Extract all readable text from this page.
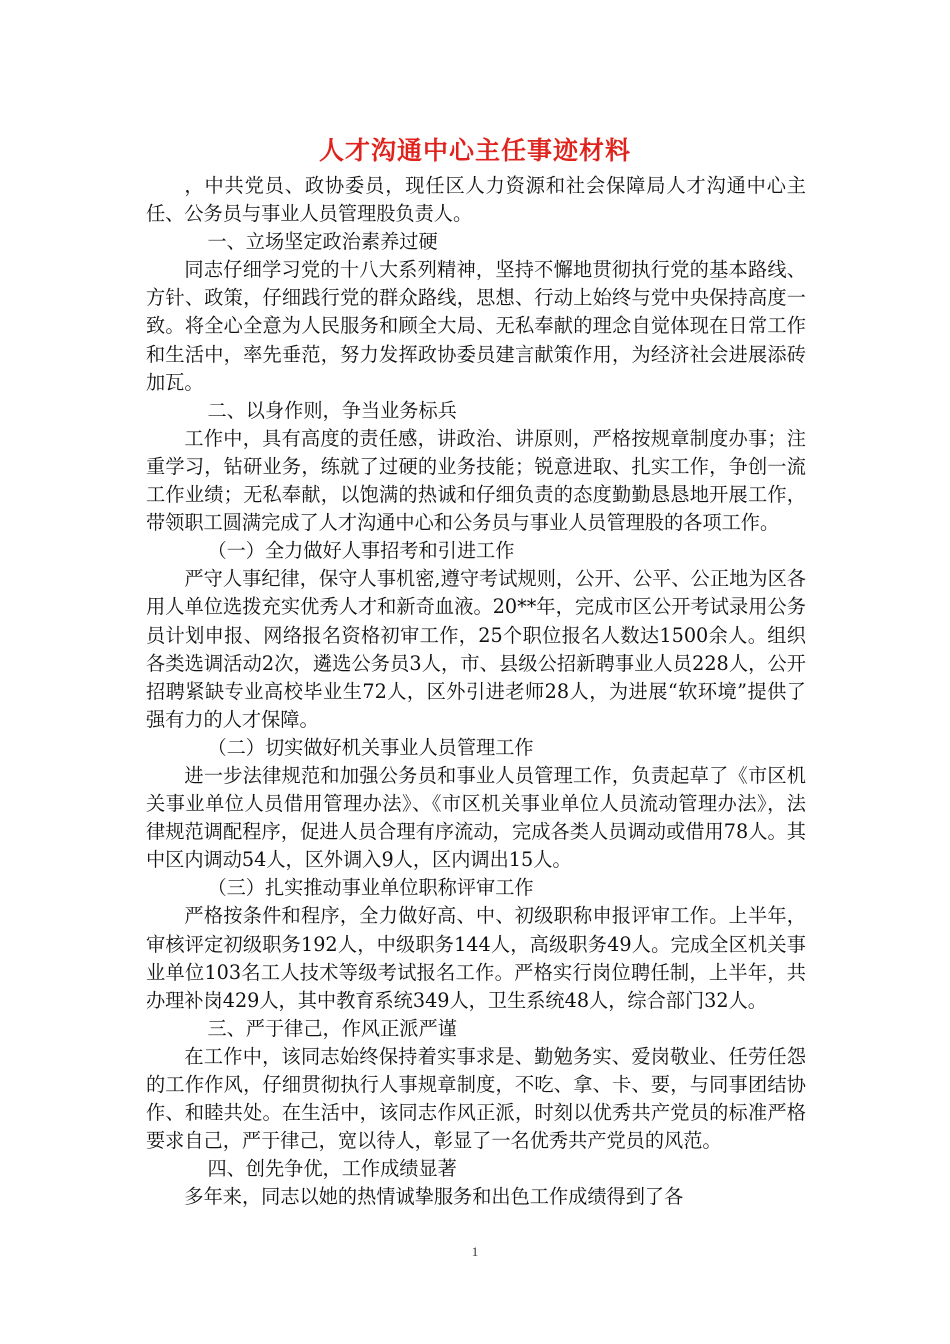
人才沟通中心主任事迹材料

，中共党员、政协委员，现任区人力资源和社会保障局人才沟通中心主任、公务员与事业人员管理股负责人。

一、立场坚定政治素养过硬

同志仔细学习党的十八大系列精神，坚持不懈地贯彻执行党的基本路线、方针、政策，仔细践行党的群众路线，思想、行动上始终与党中央保持高度一致。将全心全意为人民服务和顾全大局、无私奉献的理念自觉体现在日常工作和生活中，率先垂范，努力发挥政协委员建言献策作用，为经济社会进展添砖加瓦。

二、以身作则，争当业务标兵

工作中，具有高度的责任感，讲政治、讲原则，严格按规章制度办事；注重学习，钻研业务，练就了过硬的业务技能；锐意进取、扎实工作，争创一流工作业绩；无私奉献，以饱满的热诚和仔细负责的态度勤勤恳恳地开展工作，带领职工圆满完成了人才沟通中心和公务员与事业人员管理股的各项工作。

（一）全力做好人事招考和引进工作

严守人事纪律，保守人事机密,遵守考试规则，公开、公平、公正地为区各用人单位选拨充实优秀人才和新奇血液。20**年，完成市区公开考试录用公务员计划申报、网络报名资格初审工作，25个职位报名人数达1500余人。组织各类选调活动2次，遴选公务员3人，市、县级公招新聘事业人员228人，公开招聘紧缺专业高校毕业生72人，区外引进老师28人，为进展“软环境”提供了强有力的人才保障。

（二）切实做好机关事业人员管理工作

进一步法律规范和加强公务员和事业人员管理工作，负责起草了《市区机关事业单位人员借用管理办法》、《市区机关事业单位人员流动管理办法》，法律规范调配程序，促进人员合理有序流动，完成各类人员调动或借用78人。其中区内调动54人，区外调入9人，区内调出15人。

（三）扎实推动事业单位职称评审工作

严格按条件和程序，全力做好高、中、初级职称申报评审工作。上半年，审核评定初级职务192人，中级职务144人，高级职务49人。完成全区机关事业单位103名工人技术等级考试报名工作。严格实行岗位聘任制，上半年，共办理补岗429人，其中教育系统349人，卫生系统48人，综合部门32人。

三、严于律己，作风正派严谨

在工作中，该同志始终保持着实事求是、勤勉务实、爱岗敬业、任劳任怨的工作作风，仔细贯彻执行人事规章制度，不吃、拿、卡、要，与同事团结协作、和睦共处。在生活中，该同志作风正派，时刻以优秀共产党员的标准严格要求自己，严于律己，宽以待人，彰显了一名优秀共产党员的风范。

四、创先争优，工作成绩显著

多年来，同志以她的热情诚挚服务和出色工作成绩得到了各

1
